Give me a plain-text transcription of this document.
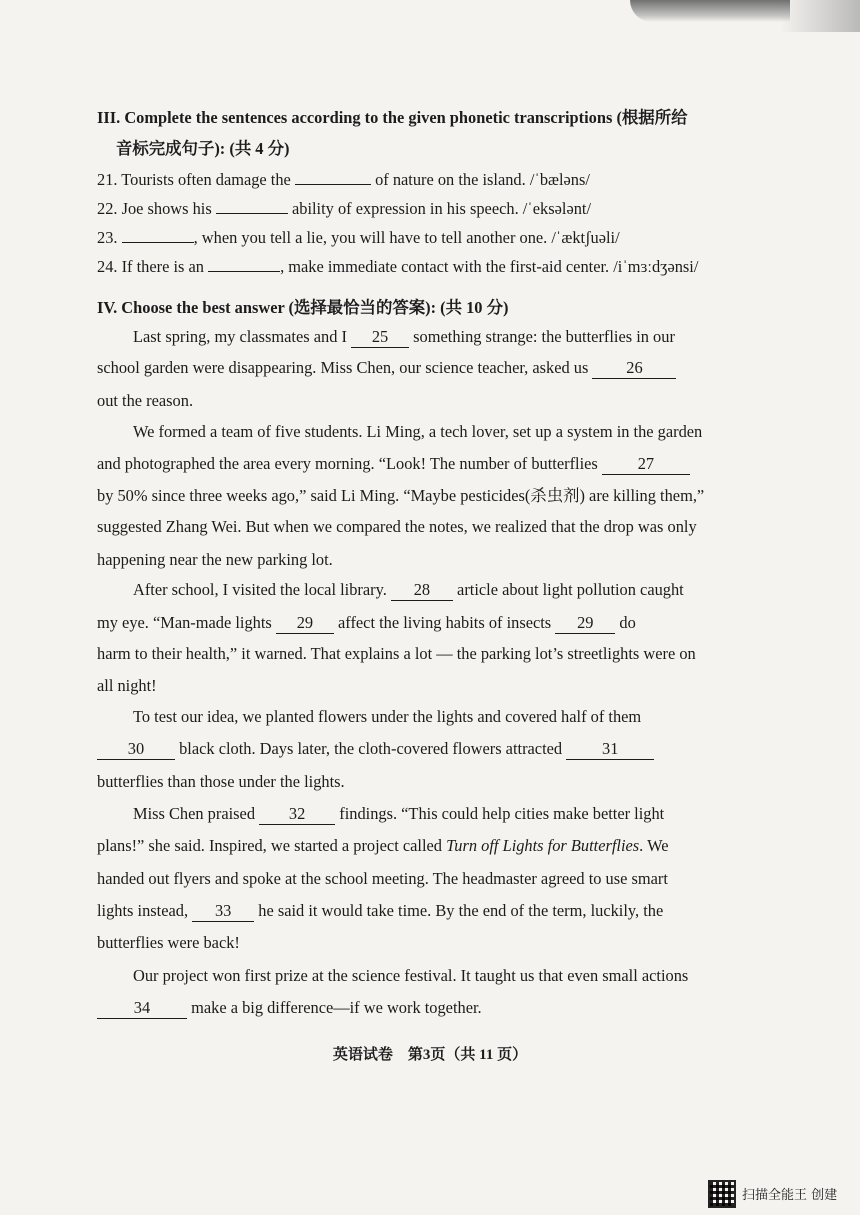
III. Complete the sentences according to the given phonetic transcriptions (根据所给
音标完成句子): (共 4 分)
21. Tourists often damage the	of nature on the island. /ˈbæləns/
22. Joe shows his	ability of expression in his speech. /ˈeksələnt/
23.	, when you tell a lie, you will have to tell another one. /ˈæktʃuəli/
24. If there is an	, make immediate contact with the first-aid center. /iˈmɜːdʒənsi/
IV. Choose the best answer (选择最恰当的答案): (共 10 分)
Last spring, my classmates and I 25 something strange: the butterflies in our
school garden were disappearing. Miss Chen, our science teacher, asked us 26
out the reason.
We formed a team of five students. Li Ming, a tech lover, set up a system in the garden
and photographed the area every morning. “Look! The number of butterflies 27
by 50% since three weeks ago,” said Li Ming. “Maybe pesticides(杀虫剂) are killing them,”
suggested Zhang Wei. But when we compared the notes, we realized that the drop was only
happening near the new parking lot.
After school, I visited the local library. 28 article about light pollution caught
my eye. “Man-made lights 29 affect the living habits of insects 29 do
harm to their health,” it warned. That explains a lot — the parking lot’s streetlights were on
all night!
To test our idea, we planted flowers under the lights and covered half of them
30 black cloth. Days later, the cloth-covered flowers attracted 31
butterflies than those under the lights.
Miss Chen praised 32 findings. “This could help cities make better light
plans!” she said. Inspired, we started a project called Turn off Lights for Butterflies. We
handed out flyers and spoke at the school meeting. The headmaster agreed to use smart
lights instead, 33 he said it would take time. By the end of the term, luckily, the
butterflies were back!
Our project won first prize at the science festival. It taught us that even small actions
34 make a big difference—if we work together.
英语试卷　第3页（共 11 页）
扫描全能王 创建
